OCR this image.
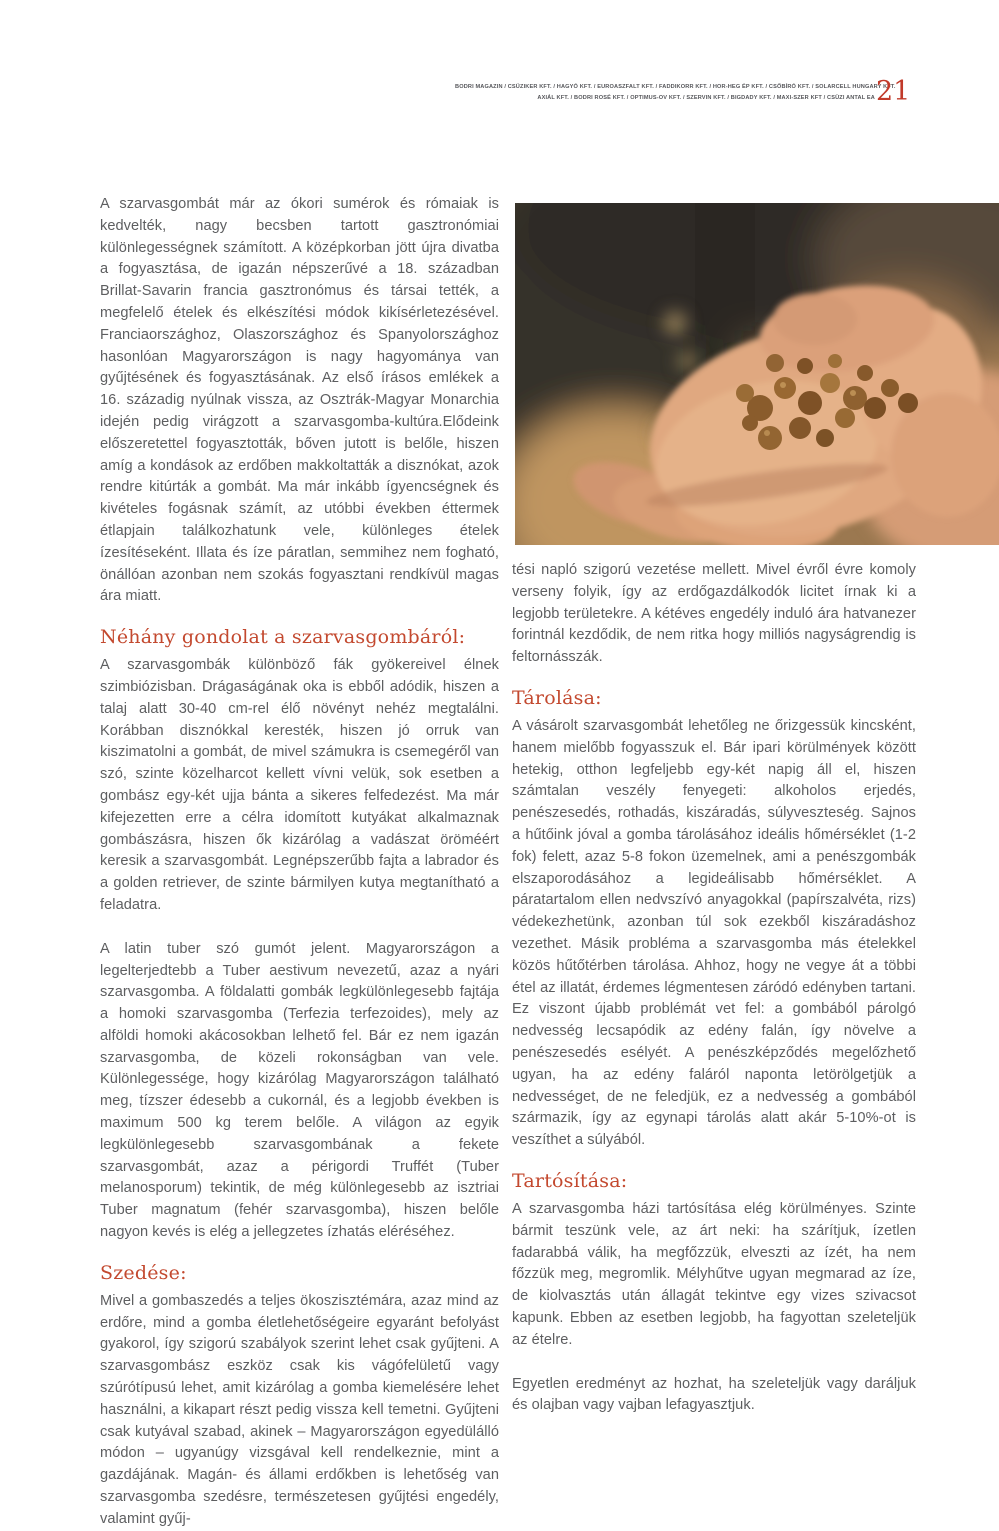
BODRI MAGAZIN / CSÜZIKER KFT. / HAGYÓ KFT. / EUROASZFALT KFT. / FADDIKORR KFT. / HOR-HEG ÉP KFT. / CSŐBÍRÓ KFT. / SOLARCELL HUNGARY KFT.
AXIÁL KFT. / BODRI ROSÉ KFT. / OPTIMUS-OV KFT. / SZERVIN KFT. / BIGDADY KFT. / MAXI-SZER KFT / CSÜZI ANTAL EA 21

A szarvasgombát már az ókori sumérok és rómaiak is kedvelték, nagy becsben tartott gasztronómiai különlegességnek számított. A középkorban jött újra divatba a fogyasztása, de igazán népszerűvé a 18. században Brillat-Savarin francia gasztronómus és társai tették, a megfelelő ételek és elkészítési módok kikísérletezésével. Franciaországhoz, Olaszországhoz és Spanyolországhoz hasonlóan Magyarországon is nagy hagyománya van gyűjtésének és fogyasztásának. Az első írásos emlékek a 16. századig nyúlnak vissza, az Osztrák-Magyar Monarchia idején pedig virágzott a szarvasgomba-kultúra.Elődeink előszeretettel fogyasztották, bőven jutott is belőle, hiszen amíg a kondások az erdőben makkoltatták a disznókat, azok rendre kitúrták a gombát. Ma már inkább ígyencségnek és kivételes fogásnak számít, az utóbbi években éttermek étlapjain találkozhatunk vele, különleges ételek ízesítéseként. Illata és íze páratlan, semmihez nem fogható, önállóan azonban nem szokás fogyasztani rendkívül magas ára miatt.

Néhány gondolat a szarvasgombáról:

A szarvasgombák különböző fák gyökereivel élnek szimbiózisban. Drágaságának oka is ebből adódik, hiszen a talaj alatt 30-40 cm-rel élő növényt nehéz megtalálni. Korábban disznókkal keresték, hiszen jó orruk van kiszimatolni a gombát, de mivel számukra is csemegéről van szó, szinte közelharcot kellett vívni velük, sok esetben a gombász egy-két ujja bánta a sikeres felfedezést. Ma már kifejezetten erre a célra idomított kutyákat alkalmaznak gombászásra, hiszen ők kizárólag a vadászat öröméért keresik a szarvasgombát. Legnépszerűbb fajta a labrador és a golden retriever, de szinte bármilyen kutya megtanítható a feladatra.

A latin tuber szó gumót jelent. Magyarországon a legelterjedtebb a Tuber aestivum nevezetű, azaz a nyári szarvasgomba. A földalatti gombák legkülönlegesebb fajtája a homoki szarvasgomba (Terfezia terfezoides), mely az alföldi homoki akácosokban lelhető fel. Bár ez nem igazán szarvasgomba, de közeli rokonságban van vele. Különlegessége, hogy kizárólag Magyarországon található meg, tízszer édesebb a cukornál, és a legjobb években is maximum 500 kg terem belőle. A világon az egyik legkülönlegesebb szarvasgombának a fekete szarvasgombát, azaz a périgordi Truffét (Tuber melanosporum) tekintik, de még különlegesebb az isztriai Tuber magnatum (fehér szarvasgomba), hiszen belőle nagyon kevés is elég a jellegzetes ízhatás eléréséhez.

Szedése:

Mivel a gombaszedés a teljes ökoszisztémára, azaz mind az erdőre, mind a gomba életlehetőségeire egyaránt befolyást gyakorol, így szigorú szabályok szerint lehet csak gyűjteni. A szarvasgombász eszköz csak kis vágófelületű vagy szúrótípusú lehet, amit kizárólag a gomba kiemelésére lehet használni, a kikapart részt pedig vissza kell temetni. Gyűjteni csak kutyával szabad, akinek – Magyarországon egyedülálló módon – ugyanúgy vizsgával kell rendelkeznie, mint a gazdájának. Magán- és állami erdőkben is lehetőség van szarvasgomba szedésre, természetesen gyűjtési engedély, valamint gyűj-

tési napló szigorú vezetése mellett. Mivel évről évre komoly verseny folyik, így az erdőgazdálkodók licitet írnak ki a legjobb területekre. A kétéves engedély induló ára hatvanezer forintnál kezdődik, de nem ritka hogy milliós nagyságrendig is feltornásszák.

Tárolása:

A vásárolt szarvasgombát lehetőleg ne őrizgessük kincsként, hanem mielőbb fogyasszuk el. Bár ipari körülmények között hetekig, otthon legfeljebb egy-két napig áll el, hiszen számtalan veszély fenyegeti: alkoholos erjedés, penészesedés, rothadás, kiszáradás, súlyveszteség. Sajnos a hűtőink jóval a gomba tárolásához ideális hőmérséklet (1-2 fok) felett, azaz 5-8 fokon üzemelnek, ami a penészgombák elszaporodásához a legideálisabb hőmérséklet. A páratartalom ellen nedvszívó anyagokkal (papírszalvéta, rizs) védekezhetünk, azonban túl sok ezekből kiszáradáshoz vezethet. Másik probléma a szarvasgomba más ételekkel közös hűtőtérben tárolása. Ahhoz, hogy ne vegye át a többi étel az illatát, érdemes légmentesen záródó edényben tartani. Ez viszont újabb problémát vet fel: a gombából párolgó nedvesség lecsapódik az edény falán, így növelve a penészesedés esélyét. A penészképződés megelőzhető ugyan, ha az edény faláról naponta letörölgetjük a nedvességet, de ne feledjük, ez a nedvesség a gombából származik, így az egynapi tárolás alatt akár 5-10%-ot is veszíthet a súlyából.

Tartósítása:

A szarvasgomba házi tartósítása elég körülményes. Szinte bármit teszünk vele, az árt neki: ha szárítjuk, ízetlen fadarabbá válik, ha megfőzzük, elveszti az ízét, ha nem főzzük meg, megromlik. Mélyhűtve ugyan megmarad az íze, de kiolvasztás után állagát tekintve egy vizes szivacsot kapunk. Ebben az esetben legjobb, ha fagyottan szeleteljük az ételre.

Egyetlen eredményt az hozhat, ha szeleteljük vagy daráljuk és olajban vagy vajban lefagyasztjuk.
